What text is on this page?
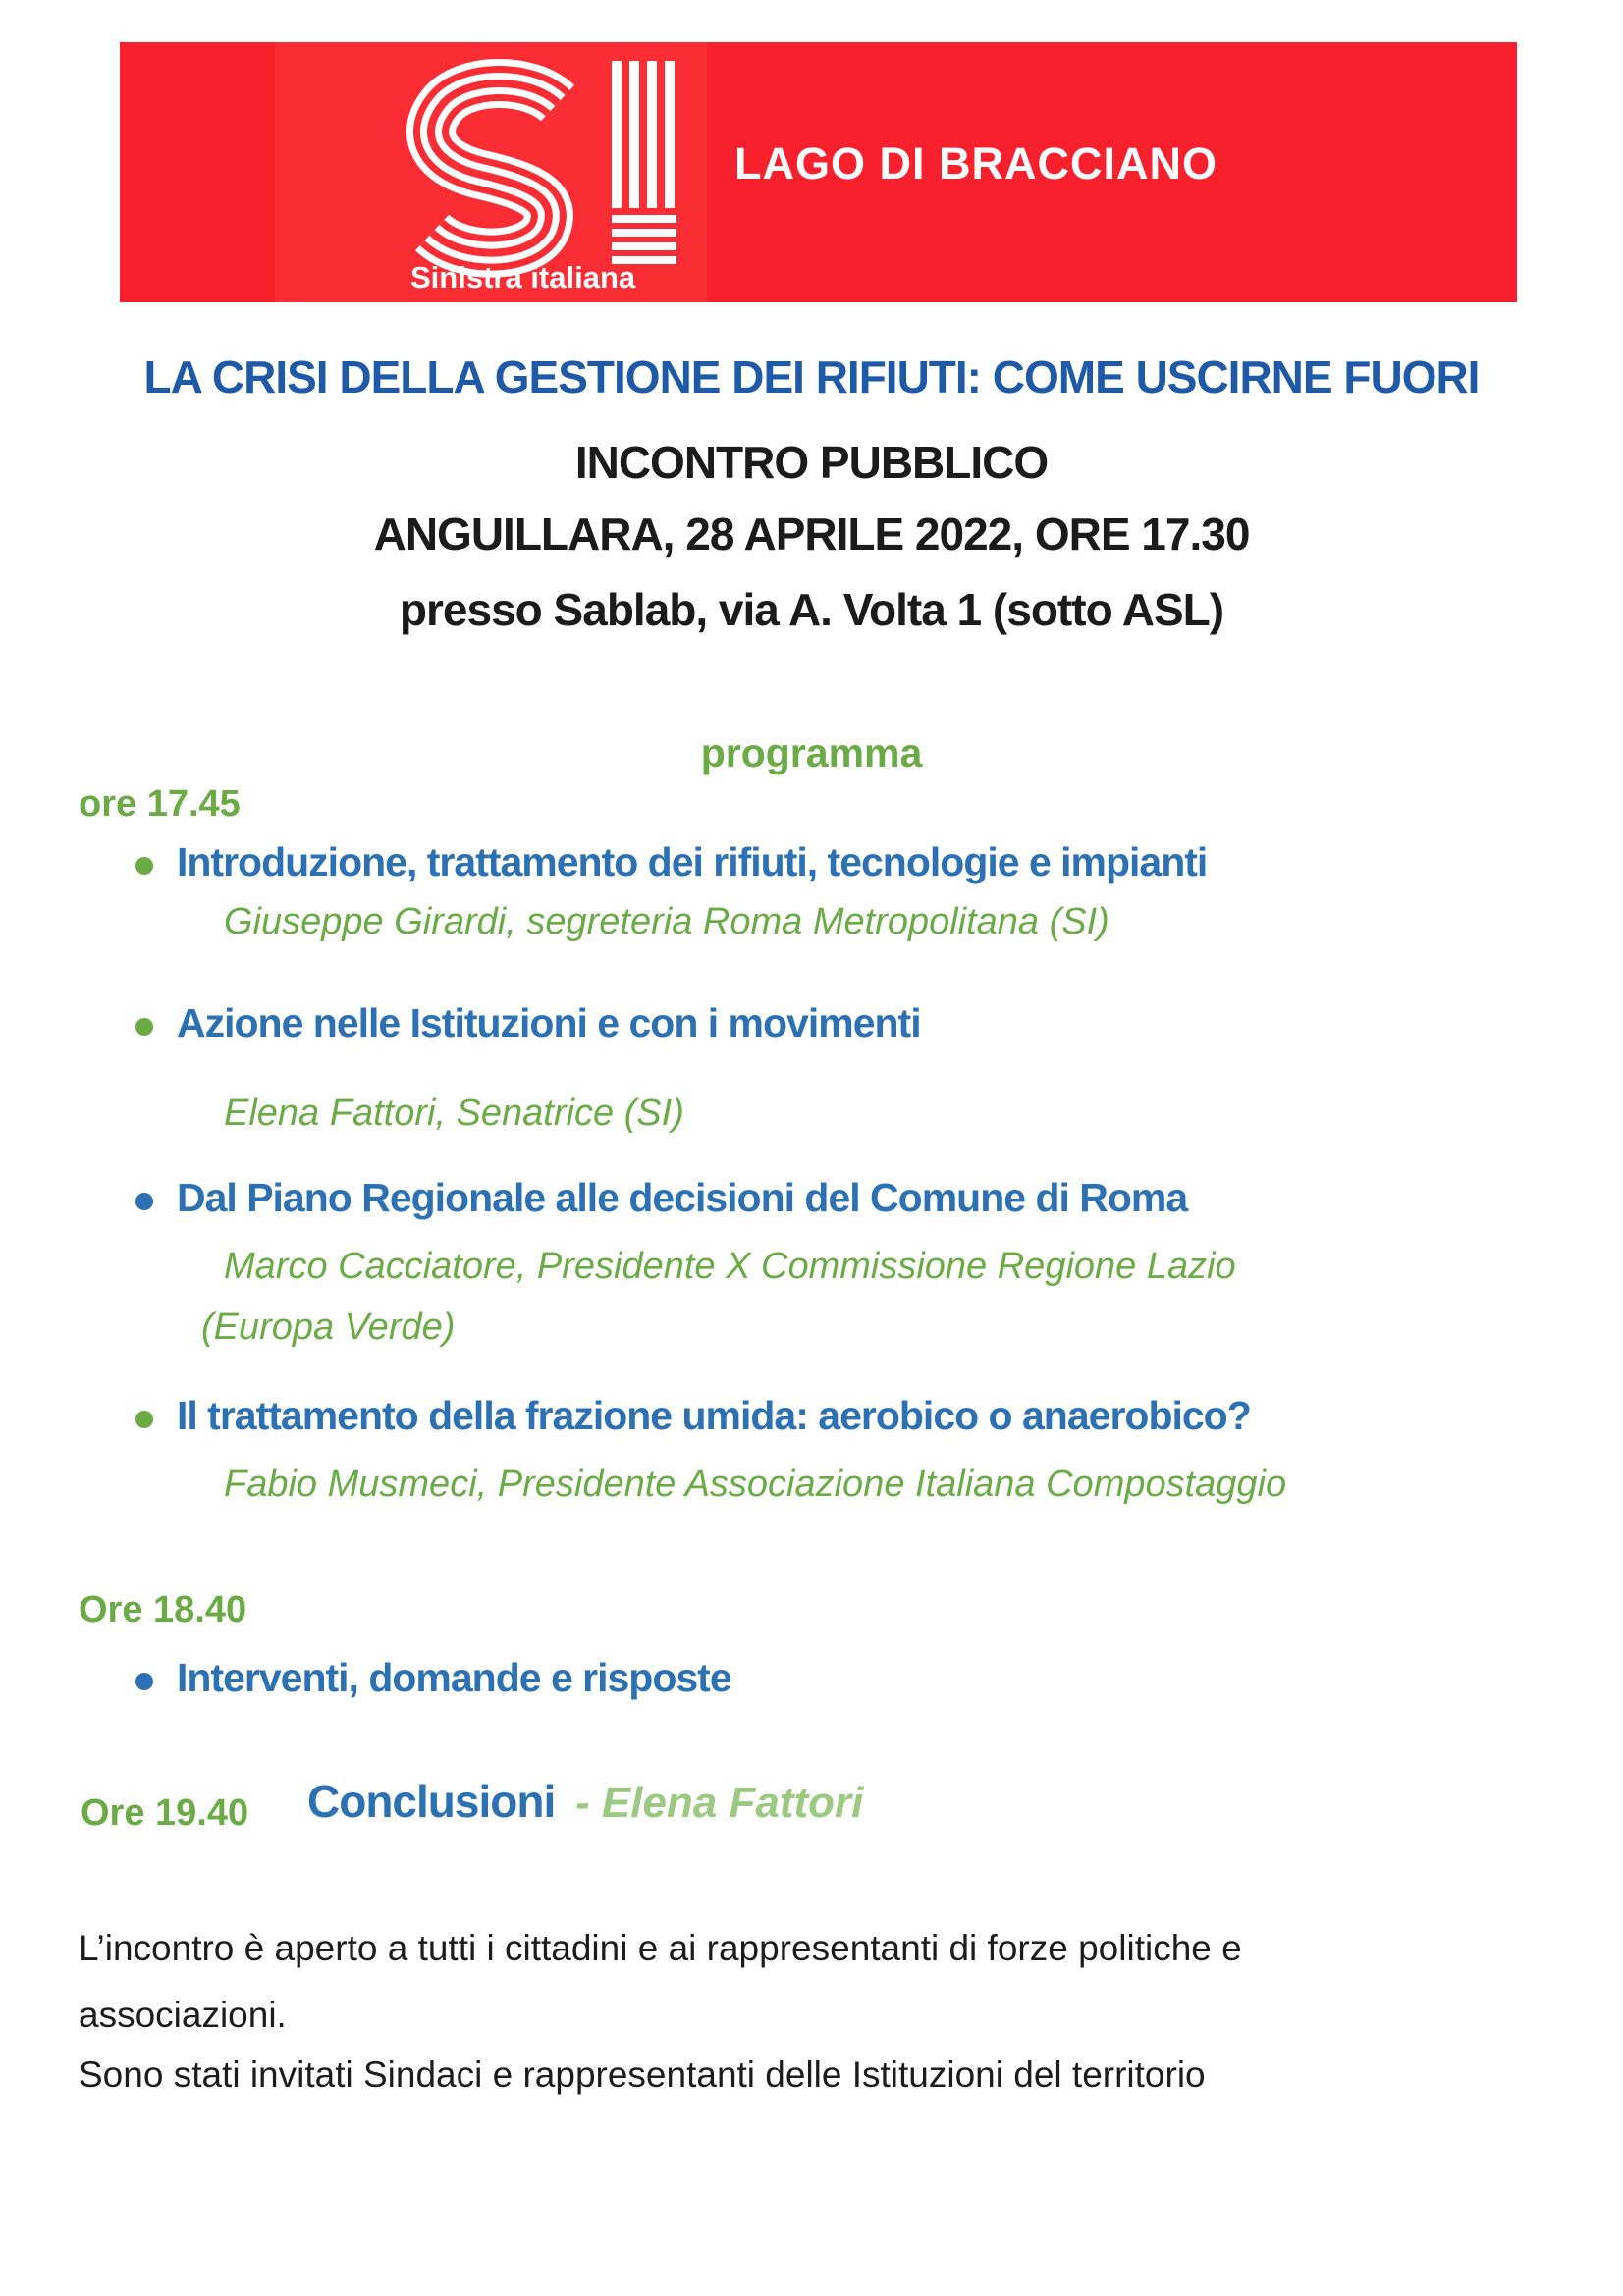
Sinistra italiana
LAGO DI BRACCIANO
LA CRISI DELLA GESTIONE DEI RIFIUTI: COME USCIRNE FUORI
INCONTRO PUBBLICO
ANGUILLARA, 28 APRILE 2022, ORE 17.30
presso Sablab, via A. Volta 1 (sotto ASL)
programma
ore 17.45
Introduzione, trattamento dei rifiuti, tecnologie e impianti
Giuseppe Girardi, segreteria Roma Metropolitana (SI)
Azione nelle Istituzioni e con i movimenti
Elena Fattori, Senatrice (SI)
Dal Piano Regionale alle decisioni del Comune di Roma
Marco Cacciatore, Presidente X Commissione Regione Lazio
(Europa Verde)
Il trattamento della frazione umida: aerobico o anaerobico?
Fabio Musmeci, Presidente Associazione Italiana Compostaggio
Ore 18.40
Interventi, domande e risposte
Ore 19.40 Conclusioni - Elena Fattori
L’incontro è aperto a tutti i cittadini e ai rappresentanti di forze politiche e
associazioni.
Sono stati invitati Sindaci e rappresentanti delle Istituzioni del territorio
